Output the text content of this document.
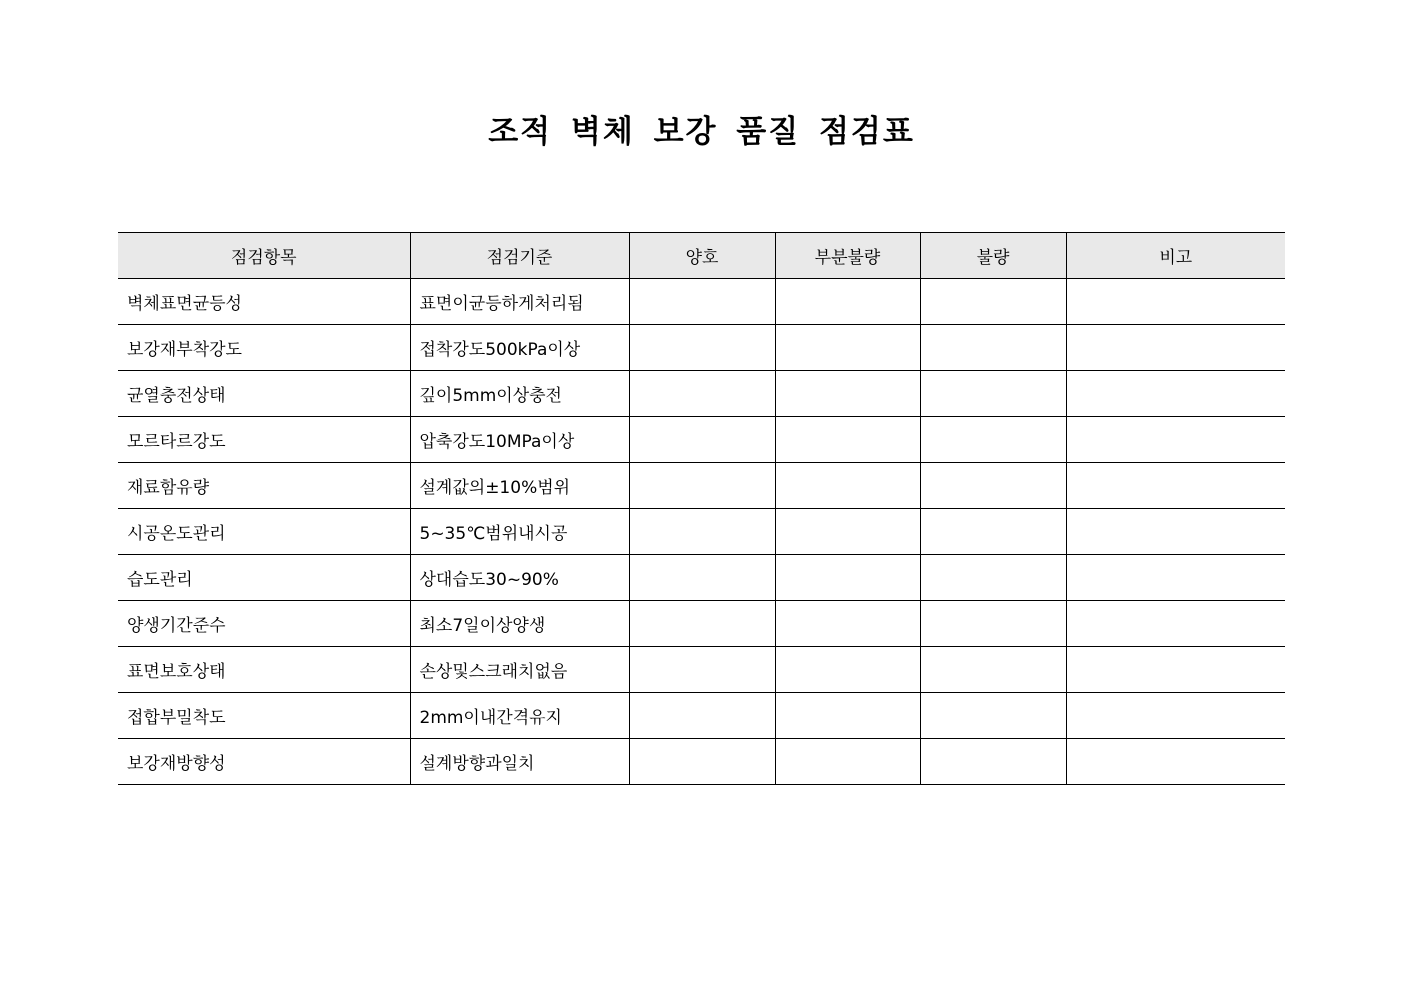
조적 벽체 보강 품질 점검표
점검항목	점검기준	양호	부분불량	불량	비고
벽체표면균등성	표면이균등하게처리됨				
보강재부착강도	접착강도500kPa이상				
균열충전상태	깊이5mm이상충전				
모르타르강도	압축강도10MPa이상				
재료함유량	설계값의±10%범위				
시공온도관리	5~35℃범위내시공				
습도관리	상대습도30~90%				
양생기간준수	최소7일이상양생				
표면보호상태	손상및스크래치없음				
접합부밀착도	2mm이내간격유지				
보강재방향성	설계방향과일치				
